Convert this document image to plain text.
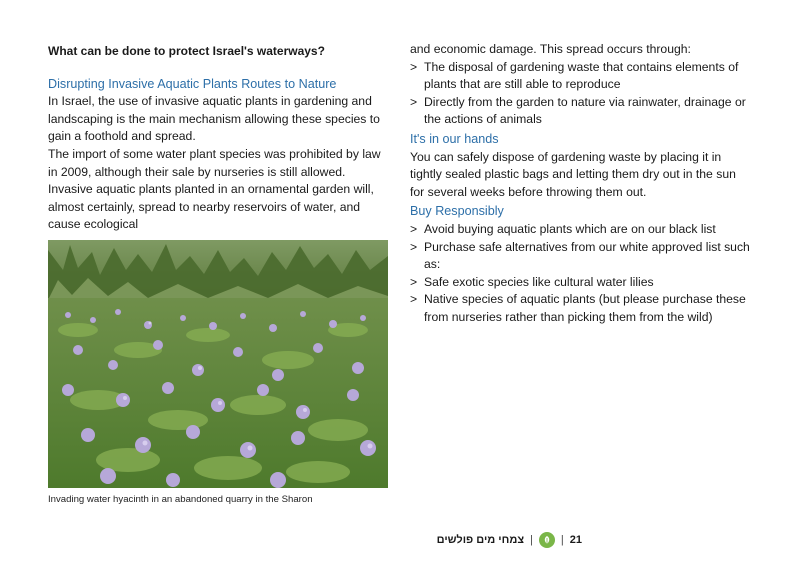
What can be done to protect Israel's waterways?

Disrupting Invasive Aquatic Plants Routes to Nature

In Israel, the use of invasive aquatic plants in gardening and landscaping is the main mechanism allowing these species to gain a foothold and spread.

The import of some water plant species was prohibited by law in 2009, although their sale by nurseries is still allowed.

Invasive aquatic plants planted in an ornamental garden will, almost certainly, spread to nearby reservoirs of water, and cause ecological

Invading water hyacinth in an abandoned quarry in the Sharon

and economic damage. This spread occurs through:

> The disposal of gardening waste that contains elements of plants that are still able to reproduce

> Directly from the garden to nature via rainwater, drainage or the actions of animals

It's in our hands

You can safely dispose of gardening waste by placing it in tightly sealed plastic bags and letting them dry out in the sun for several weeks before throwing them out.

Buy Responsibly

> Avoid buying aquatic plants which are on our black list

> Purchase safe alternatives from our white approved list such as:

> Safe exotic species like cultural water lilies

> Native species of aquatic plants (but please purchase these from nurseries rather than picking them from the wild)

צמחי מים פולשים |	| 21
